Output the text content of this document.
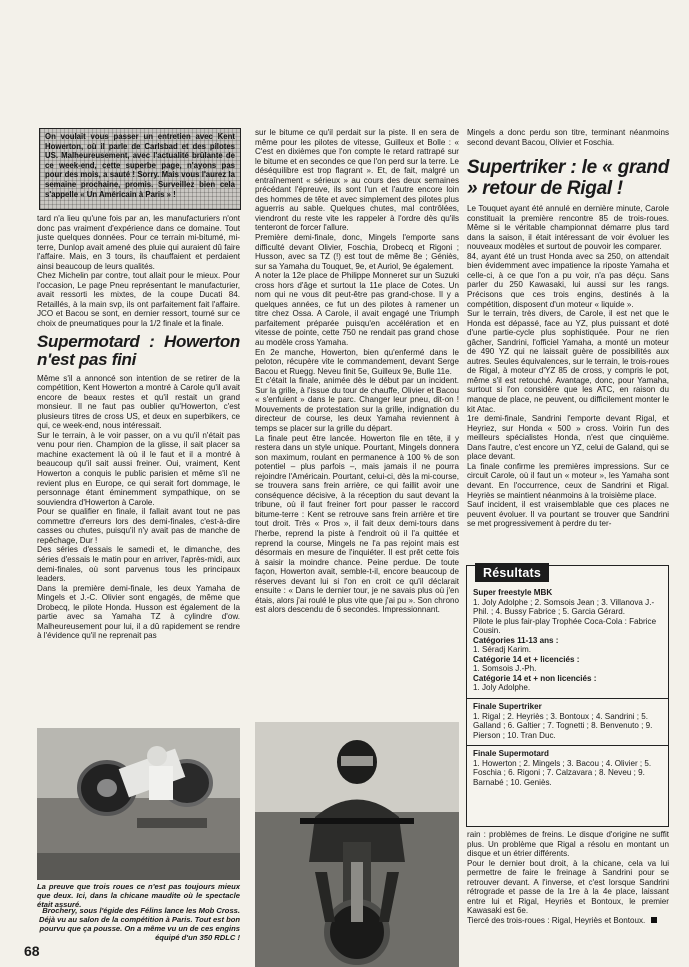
On voulait vous passer un entretien avec Kent Howerton, où il parle de Carlsbad et des pilotes US. Malheureusement, avec l'actualité brûlante de ce week-end, cette superbe page, n'ayons pas pour des mois, a sauté ! Sorry. Mais vous l'aurez la semaine prochaine, promis. Surveillez bien cela s'appelle « Un Américain à Paris » !

tard n'a lieu qu'une fois par an, les manufacturiers n'ont donc pas vraiment d'expérience dans ce domaine. Tout juste quelques données. Pour ce terrain mi-bitumé, mi-terre, Dunlop avait amené des pluie qui auraient dû faire l'affaire. Mais, en 3 tours, ils chauffaient et perdaient ainsi beaucoup de leurs qualités.

Chez Michelin par contre, tout allait pour le mieux. Pour l'occasion, Le page Pneu représentant le manufacturier, avait ressorti les mixtes, de la coupe Ducati 84. Retaillés, à la main svp, ils ont parfaitement fait l'affaire. JCO et Bacou se sont, en dernier ressort, tourné sur ce choix de pneumatiques pour la 1/2 finale et la finale.

Supermotard : Howerton n'est pas fini

Même s'il a annoncé son intention de se retirer de la compétition, Kent Howerton a montré à Carole qu'il avait encore de beaux restes et qu'il restait un grand monsieur. Il ne faut pas oublier qu'Howerton, c'est plusieurs titres de cross US, et deux en superbikers, ce qui, ce week-end, nous intéressait.

Sur le terrain, à le voir passer, on a vu qu'il n'était pas venu pour rien. Champion de la glisse, il sait placer sa machine exactement là où il le faut et il a montré à beaucoup qu'il sait aussi freiner. Oui, vraiment, Kent Howerton a conquis le public parisien et même s'il ne revient plus en Europe, ce qui serait fort dommage, le personnage étant éminemment sympathique, on se souviendra d'Howerton à Carole.

Pour se qualifier en finale, il fallait avant tout ne pas commettre d'erreurs lors des demi-finales, c'est-à-dire casses ou chutes, puisqu'il n'y avait pas de manche de repêchage, Dur !

Des séries d'essais le samedi et, le dimanche, des séries d'essais le matin pour en arriver, l'après-midi, aux demi-finales, où sont parvenus tous les principaux leaders.

Dans la première demi-finale, les deux Yamaha de Mingels et J.-C. Olivier sont engagés, de même que Drobecq, le pilote Honda. Husson est également de la partie avec sa Yamaha TZ à cylindre d'ow. Malheureusement pour lui, il a dû rapidement se rendre à l'évidence qu'il ne reprenait pas

La preuve que trois roues ce n'est pas toujours mieux que deux. Ici, dans la chicane maudite où le spectacle était assuré.
Brochery, sous l'égide des Félins lance les Mob Cross. Déjà vu au salon de la compétition à Paris. Tout est bon pourvu que ça pousse. On a même vu un de ces engins équipé d'un 350 RDLC !
68

sur le bitume ce qu'il perdait sur la piste. Il en sera de même pour les pilotes de vitesse, Guilleux et Bolle : « C'est en dixièmes que l'on compte le retard rattrapé sur le bitume et en secondes ce que l'on perd sur la terre. Le déséquilibre est trop flagrant ». Et, de fait, malgré un entraînement « sérieux » au cours des deux semaines précédant l'épreuve, ils sont l'un et l'autre encore loin des hommes de tête et avec simplement des pilotes plus aguerris au sable. Quelques chutes, mal contrôlées, viendront du reste vite les rappeler à l'ordre dès qu'ils tenteront de forcer l'allure.

Première demi-finale, donc, Mingels l'emporte sans difficulté devant Olivier, Foschia, Drobecq et Rigoni ; Husson, avec sa TZ (!) est tout de même 8e ; Géniès, sur sa Yamaha du Touquet, 9e, et Auriol, 9e également.

A noter la 12e place de Philippe Monneret sur un Suzuki cross hors d'âge et surtout la 11e place de Cotes. Un nom qui ne vous dit peut-être pas grand-chose. Il y a quelques années, ce fut un des pilotes à ramener un titre chez Ossa. A Carole, il avait engagé une Triumph parfaitement préparée puisqu'en accélération et en vitesse de pointe, cette 750 ne rendait pas grand chose au modèle cross Yamaha.

En 2e manche, Howerton, bien qu'enfermé dans le peloton, récupère vite le commandement, devant Serge Bacou et Ruegg. Neveu finit 5e, Guilleux 9e, Bulle 11e.

Et c'était la finale, animée dès le début par un incident. Sur la grille, à l'issue du tour de chauffe, Olivier et Bacou « s'enfuient » dans le parc. Changer leur pneu, dit-on ! Mouvements de protestation sur la grille, indignation du directeur de course, les deux Yamaha reviennent à temps se placer sur la grille du départ.

La finale peut être lancée. Howerton file en tête, il y restera dans un style unique. Pourtant, Mingels donnera son maximum, roulant en permanence à 100 % de son potentiel – plus parfois –, mais jamais il ne pourra rejoindre l'Américain. Pourtant, celui-ci, dès la mi-course, se trouvera sans frein arrière, ce qui faillit avoir une conséquence décisive, à la réception du saut devant la tribune, où il faut freiner fort pour passer le raccord bitume-terre : Kent se retrouve sans frein arrière et tire tout droit. Très « Pros », il fait deux demi-tours dans l'herbe, reprend la piste à l'endroit où il l'a quittée et reprend la course, Mingels ne l'a pas rejoint mais est désormais en mesure de l'inquiéter. Il est prêt cette fois à saisir la moindre chance. Peine perdue. De toute façon, Howerton avait, semble-t-il, encore beaucoup de réserves devant lui si l'on en croit ce qu'il déclarait ensuite : « Dans le dernier tour, je ne savais plus où j'en étais, alors j'ai roulé le plus vite que j'ai pu ». Son chrono est alors descendu de 6 secondes. Impressionnant.

Mingels a donc perdu son titre, terminant néanmoins second devant Bacou, Olivier et Foschia.

Supertriker : le « grand » retour de Rigal !

Le Touquet ayant été annulé en dernière minute, Carole constituait la première rencontre 85 de trois-roues. Même si le véritable championnat démarre plus tard dans la saison, il était intéressant de voir évoluer les nouveaux modèles et surtout de pouvoir les comparer.

84, ayant été un trust Honda avec sa 250, on attendait bien évidemment avec impatience la riposte Yamaha et celle-ci, à ce que l'on a pu voir, n'a pas déçu. Sans parler du 250 Kawasaki, lui aussi sur les rangs. Précisons que ces trois engins, destinés à la compétition, disposent d'un moteur « liquide ».

Sur le terrain, très divers, de Carole, il est net que le Honda est dépassé, face au YZ, plus puissant et doté d'une partie-cycle plus sophistiquée. Pour ne rien gâcher, Sandrini, l'officiel Yamaha, a monté un moteur de 490 YZ qui ne laissait guère de possibilités aux autres. Seules équivalences, sur le terrain, le trois-roues de Rigal, à moteur d'YZ 85 de cross, y compris le pot, même s'il est retouché. Avantage, donc, pour Yamaha, surtout si l'on considère que les ATC, en raison du manque de place, ne peuvent, ou difficilement monter le kit Atac.

1re demi-finale, Sandrini l'emporte devant Rigal, et Heyriez, sur Honda « 500 » cross. Voirin l'un des meilleurs spécialistes Honda, n'est que cinquième. Dans l'autre, c'est encore un YZ, celui de Galand, qui se place devant.

La finale confirme les premières impressions. Sur ce circuit Carole, où il faut un « moteur », les Yamaha sont devant. En l'occurrence, ceux de Sandrini et Rigal. Heyriès se maintient néanmoins à la troisième place.

Sauf incident, il est vraisemblable que ces places ne peuvent évoluer. Il va pourtant se trouver que Sandrini se met progressivement à perdre du ter-

Résultats
Super freestyle MBK
1. Joly Adolphe ; 2. Somsois Jean ; 3. Villanova J.-Phil. ; 4. Bussy Fabrice ; 5. Garcia Gérard.
Pilote le plus fair-play Trophée Coca-Cola : Fabrice Cousin.
Catégories 11-13 ans :
1. Séradj Karim.
Catégorie 14 et + licenciés :
1. Somsois J.-Ph.
Catégorie 14 et + non licenciés :
1. Joly Adolphe.
Finale Supertriker
1. Rigal ; 2. Heyriès ; 3. Bontoux ; 4. Sandrini ; 5. Galland ; 6. Galtier ; 7. Tognetti ; 8. Benvenuto ; 9. Pierson ; 10. Tran Duc.
Finale Supermotard
1. Howerton ; 2. Mingels ; 3. Bacou ; 4. Olivier ; 5. Foschia ; 6. Rigoni ; 7. Calzavara ; 8. Neveu ; 9. Barnabé ; 10. Geniès.

rain : problèmes de freins. Le disque d'origine ne suffit plus. Un problème que Rigal a résolu en montant un disque et un étrier différents.

Pour le dernier bout droit, à la chicane, cela va lui permettre de faire le freinage à Sandrini pour se retrouver devant. A l'inverse, et c'est lorsque Sandrini rétrograde et passe de la 1re à la 4e place, laissant entre lui et Rigal, Heyriès et Bontoux, le premier Kawasaki est 6e.

Tiercé des trois-roues : Rigal, Heyriès et Bontoux.
